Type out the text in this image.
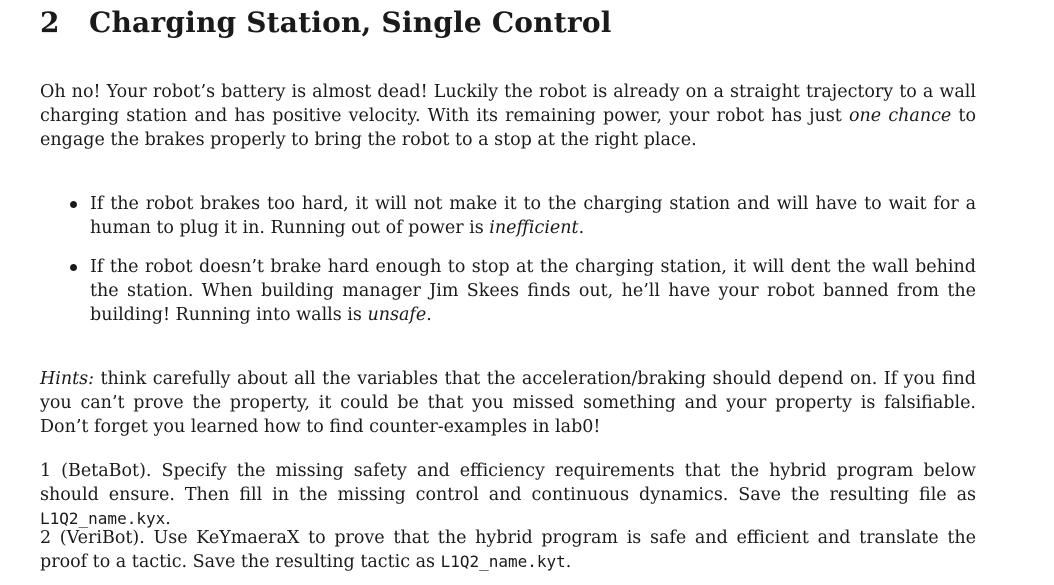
2 Charging Station, Single Control

Oh no! Your robot’s battery is almost dead! Luckily the robot is already on a straight trajectory to a wall charging station and has positive velocity. With its remaining power, your robot has just one chance to engage the brakes properly to bring the robot to a stop at the right place.

If the robot brakes too hard, it will not make it to the charging station and will have to wait for a human to plug it in. Running out of power is inefficient.
If the robot doesn’t brake hard enough to stop at the charging station, it will dent the wall behind the station. When building manager Jim Skees finds out, he’ll have your robot banned from the building! Running into walls is unsafe.

Hints: think carefully about all the variables that the acceleration/braking should depend on. If you find you can’t prove the property, it could be that you missed something and your property is falsifiable. Don’t forget you learned how to find counter-examples in lab0!

1 (BetaBot). Specify the missing safety and efficiency requirements that the hybrid program below should ensure. Then fill in the missing control and continuous dynamics. Save the resulting file as L1Q2_name.kyx.

2 (VeriBot). Use KeYmaeraX to prove that the hybrid program is safe and efficient and translate the proof to a tactic. Save the resulting tactic as L1Q2_name.kyt.
